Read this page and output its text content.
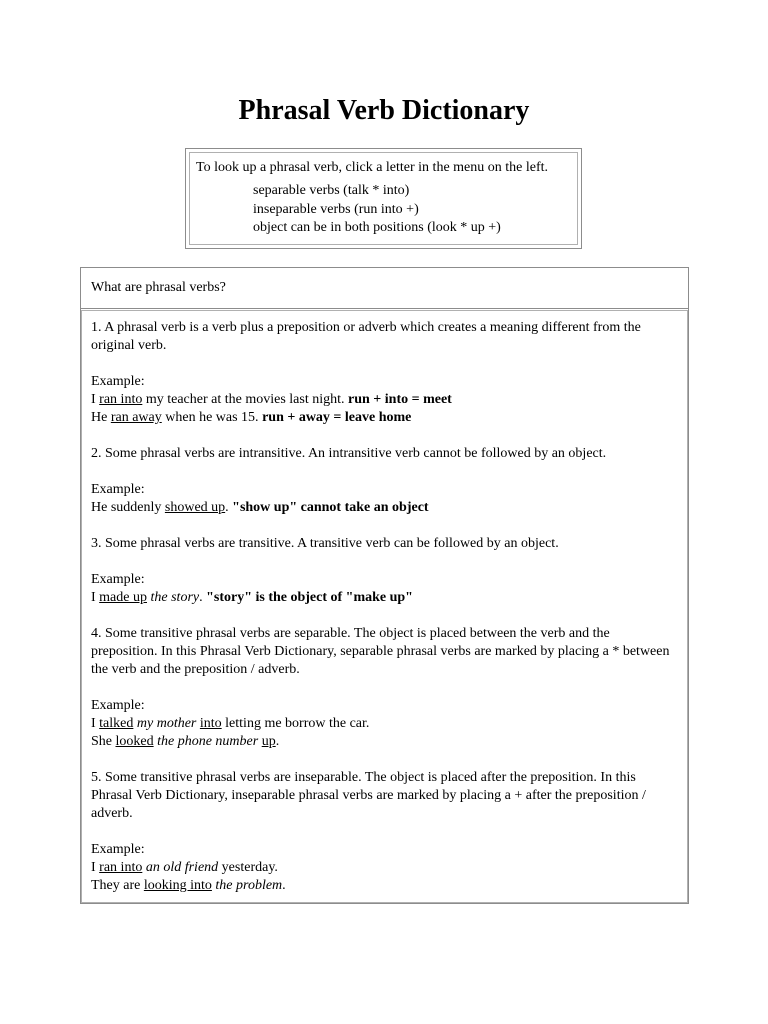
Phrasal Verb Dictionary
To look up a phrasal verb, click a letter in the menu on the left.
separable verbs (talk * into)
inseparable verbs (run into +)
object can be in both positions (look * up +)
What are phrasal verbs?

1. A phrasal verb is a verb plus a preposition or adverb which creates a meaning different from the original verb.

Example:
I ran into my teacher at the movies last night. run + into = meet
He ran away when he was 15. run + away = leave home

2. Some phrasal verbs are intransitive. An intransitive verb cannot be followed by an object.

Example:
He suddenly showed up. "show up" cannot take an object

3. Some phrasal verbs are transitive. A transitive verb can be followed by an object.

Example:
I made up the story. "story" is the object of "make up"

4. Some transitive phrasal verbs are separable. The object is placed between the verb and the preposition. In this Phrasal Verb Dictionary, separable phrasal verbs are marked by placing a * between the verb and the preposition / adverb.

Example:
I talked my mother into letting me borrow the car.
She looked the phone number up.

5. Some transitive phrasal verbs are inseparable. The object is placed after the preposition. In this Phrasal Verb Dictionary, inseparable phrasal verbs are marked by placing a + after the preposition / adverb.

Example:
I ran into an old friend yesterday.
They are looking into the problem.
